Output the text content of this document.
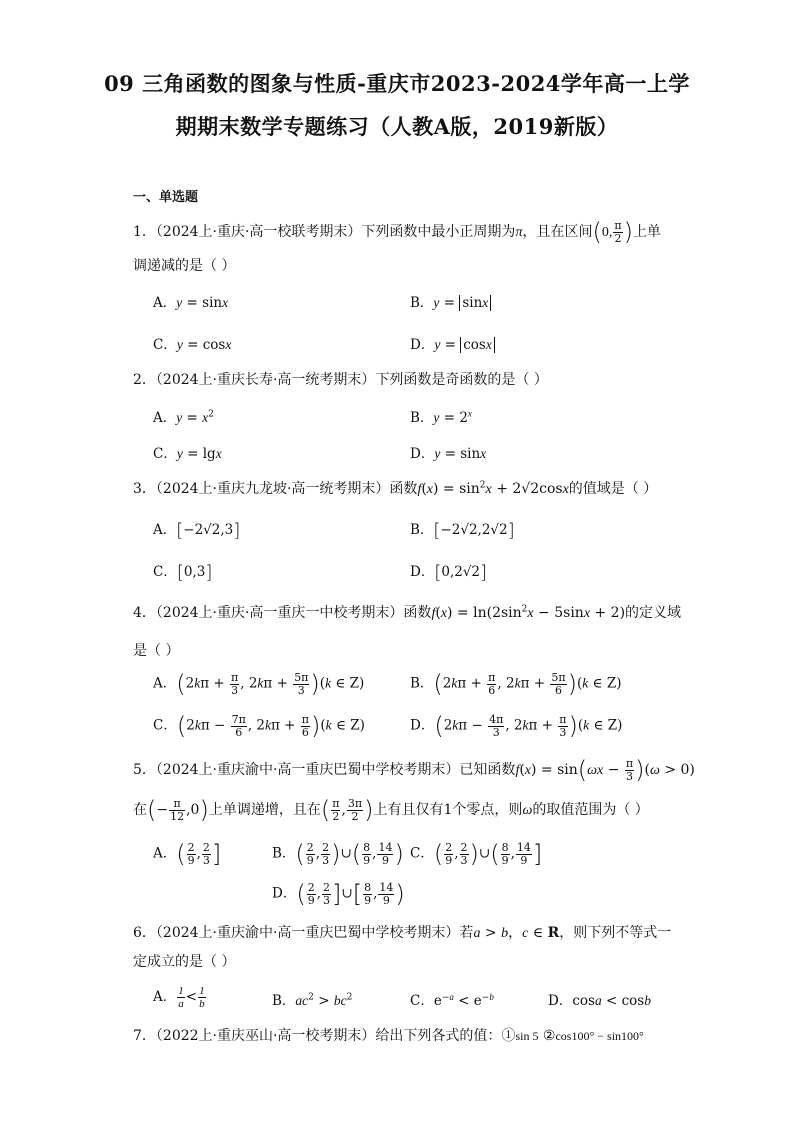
09 三角函数的图象与性质-重庆市2023-2024学年高一上学
期期末数学专题练习（人教A版，2019新版）
一、单选题
1．（2024上·重庆·高一校联考期末）下列函数中最小正周期为π，且在区间(0, $\frac{\pi}{2}$ )上单
调递减的是（ ）
A．y = sinx	B．y = sinx
C．y = cosx	D．y = cosx
2．（2024上·重庆长寿·高一统考期末）下列函数是奇函数的是（ ）
A．$y = x^2$	B．$y = 2^x$
C．y = lgx	D．y = sinx
3．（2024上·重庆九龙坡·高一统考期末）函数$f(x) = \sin^2x + 2√2\cos x$的值域是（ ）
A．[−2√2,3]	B．[−2√2,2√2]
C．[0,3]	D．[0,2√2]
4．（2024上·重庆·高一重庆一中校考期末）函数$f(x) = \ln(2\sin^2x - 5\sin x + 2)$的定义域
是（ ）
A．($2k\pi + \frac{\pi}{3}$ , $2k\pi + \frac{5\pi}{3} )(k$ ∈ Z)	B．($2k\pi + \frac{\pi}{6}$ , $2k\pi + \frac{5\pi}{6} )(k$ ∈ Z)
C．($2k\pi - \frac{7\pi}{6}$ , $2k\pi + \frac{\pi}{6} )(k$ ∈ Z)	D．($2k\pi - \frac{4\pi}{3}$ , $2k\pi + \frac{\pi}{3} )(k$ ∈ Z)
5．（2024上·重庆渝中·高一重庆巴蜀中学校考期末）已知函数$f(x) = \sin(\omega x - \frac{\pi}{3} )(\omega > 0)$
在(− $\frac{\pi}{12} ,0$)上单调递增，且在( $\frac{\pi}{2}$ , $\frac{3\pi}{2}$ )上有且仅有1个零点，则ω的取值范围为（ ）
A．( $\frac{2}{9}$ , $\frac{2}{3}$ ]	B．( $\frac{2}{9}$ , $\frac{2}{3}$ )∪( $\frac{8}{9}$ , $\frac{14}{9}$ ) C．( $\frac{2}{9}$ , $\frac{2}{3}$ )∪( $\frac{8}{9}$ , $\frac{14}{9}$ ]
D．( $\frac{2}{9}$ , $\frac{2}{3}$ ]∪[ $\frac{8}{9}$ , $\frac{14}{9}$ )
6．（2024上·重庆渝中·高一重庆巴蜀中学校考期末）若a > b，c ∈ R，则下列不等式一
定成立的是（ ）
A． $\frac{1}{a} < \frac{1}{b}$	B．$ac^2 > bc^2$	C．$e^{-a} < e^{-b}$	D．cosa < cosb
7．（2022上·重庆巫山·高一校考期末）给出下列各式的值：①sin 5 ②cos100° − sin100°
